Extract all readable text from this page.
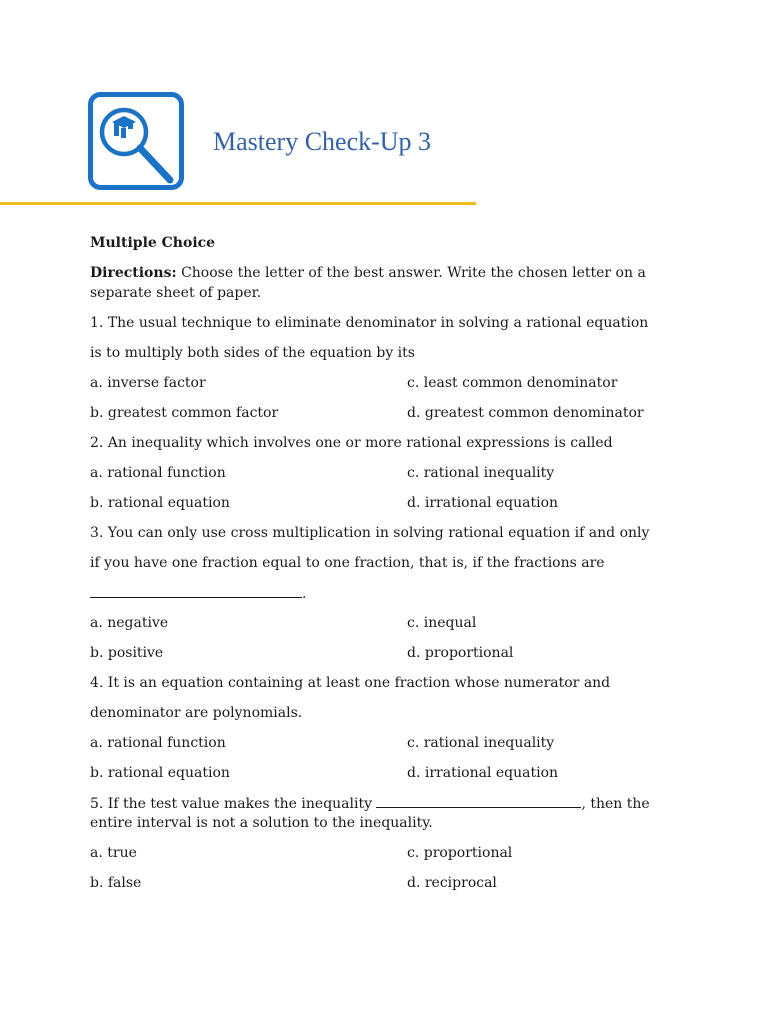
Mastery Check-Up 3
Multiple Choice
Directions: Choose the letter of the best answer. Write the chosen letter on a
separate sheet of paper.
1. The usual technique to eliminate denominator in solving a rational equation
is to multiply both sides of the equation by its
a. inverse factor	c. least common denominator
b. greatest common factor	d. greatest common denominator
2. An inequality which involves one or more rational expressions is called
a. rational function	c. rational inequality
b. rational equation	d. irrational equation
3. You can only use cross multiplication in solving rational equation if and only
if you have one fraction equal to one fraction, that is, if the fractions are
.
a. negative	c. inequal
b. positive	d. proportional
4. It is an equation containing at least one fraction whose numerator and
denominator are polynomials.
a. rational function	c. rational inequality
b. rational equation	d. irrational equation
5. If the test value makes the inequality	, then the
entire interval is not a solution to the inequality.
a. true	c. proportional
b. false	d. reciprocal
